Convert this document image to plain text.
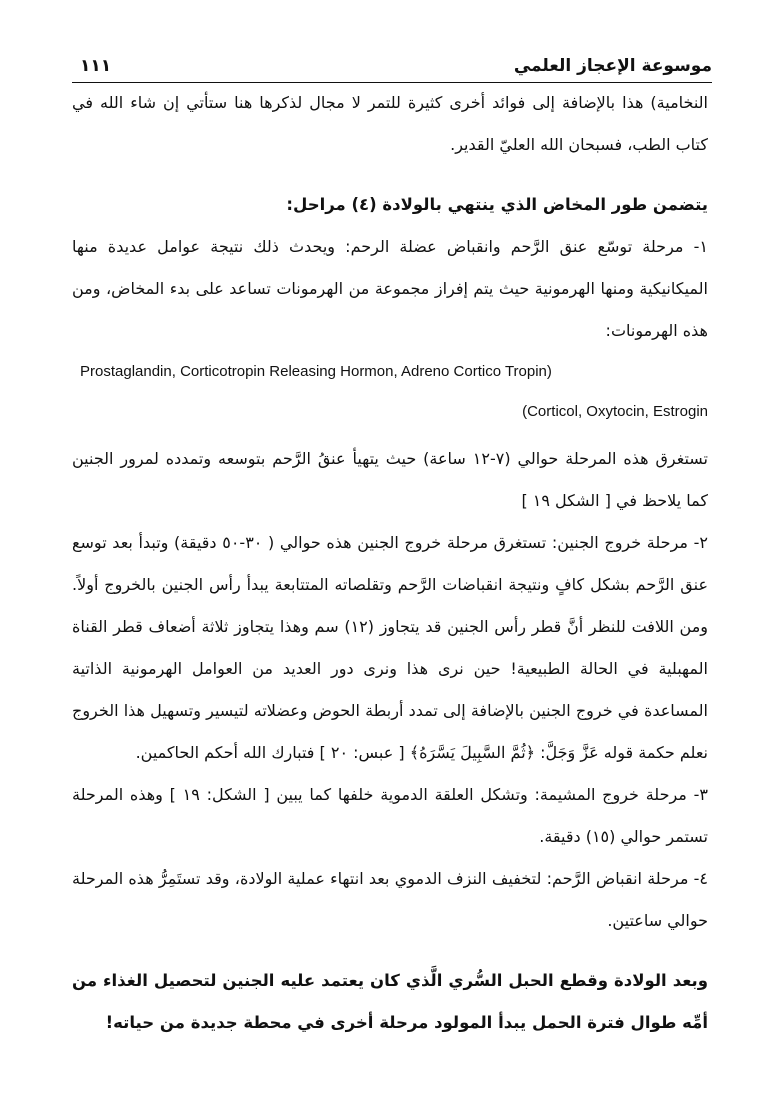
موسوعة الإعجاز العلمي
١١١

النخامية) هذا بالإضافة إلى فوائد أخرى كثيرة للتمر لا مجال لذكرها هنا ستأتي إن شاء الله في كتاب الطب، فسبحان الله العليّ القدير.

يتضمن طور المخاض الذي ينتهي بالولادة (٤) مراحل:

١- مرحلة توسّع عنق الرَّحم وانقباض عضلة الرحم: ويحدث ذلك نتيجة عوامل عديدة منها الميكانيكية ومنها الهرمونية حيث يتم إفراز مجموعة من الهرمونات تساعد على بدء المخاض، ومن هذه الهرمونات:

Prostaglandin, Corticotropin Releasing Hormon, Adreno Cortico Tropin)

(Corticol, Oxytocin, Estrogin

تستغرق هذه المرحلة حوالي (٧-١٢ ساعة) حيث يتهيأ عنقُ الرَّحم بتوسعه وتمدده لمرور الجنين كما يلاحظ في [ الشكل ١٩ ]

٢- مرحلة خروج الجنين: تستغرق مرحلة خروج الجنين هذه حوالي ( ٣٠-٥٠ دقيقة) وتبدأ بعد توسع عنق الرَّحم بشكل كافٍ ونتيجة انقباضات الرَّحم وتقلصاته المتتابعة يبدأ رأس الجنين بالخروج أولاً. ومن اللافت للنظر أنَّ قطر رأس الجنين قد يتجاوز (١٢) سم وهذا يتجاوز ثلاثة أضعاف قطر القناة المهبلية في الحالة الطبيعية! حين نرى هذا ونرى دور العديد من العوامل الهرمونية الذاتية المساعدة في خروج الجنين بالإضافة إلى تمدد أربطة الحوض وعضلاته لتيسير وتسهيل هذا الخروج نعلم حكمة قوله عَزَّ وَجَلَّ: ﴿ثُمَّ السَّبِيلَ يَسَّرَهُ﴾ [ عبس: ٢٠ ] فتبارك الله أحكم الحاكمين.

٣- مرحلة خروج المشيمة: وتشكل العلقة الدموية خلفها كما يبين [ الشكل: ١٩ ] وهذه المرحلة تستمر حوالي (١٥) دقيقة.

٤- مرحلة انقباض الرَّحم: لتخفيف النزف الدموي بعد انتهاء عملية الولادة، وقد تستَمِرُّ هذه المرحلة حوالي ساعتين.

وبعد الولادة وقطع الحبل السُّري الَّذي كان يعتمد عليه الجنين لتحصيل الغذاء من أمِّه طوال فترة الحمل يبدأ المولود مرحلة أخرى في محطة جديدة من حياته!
